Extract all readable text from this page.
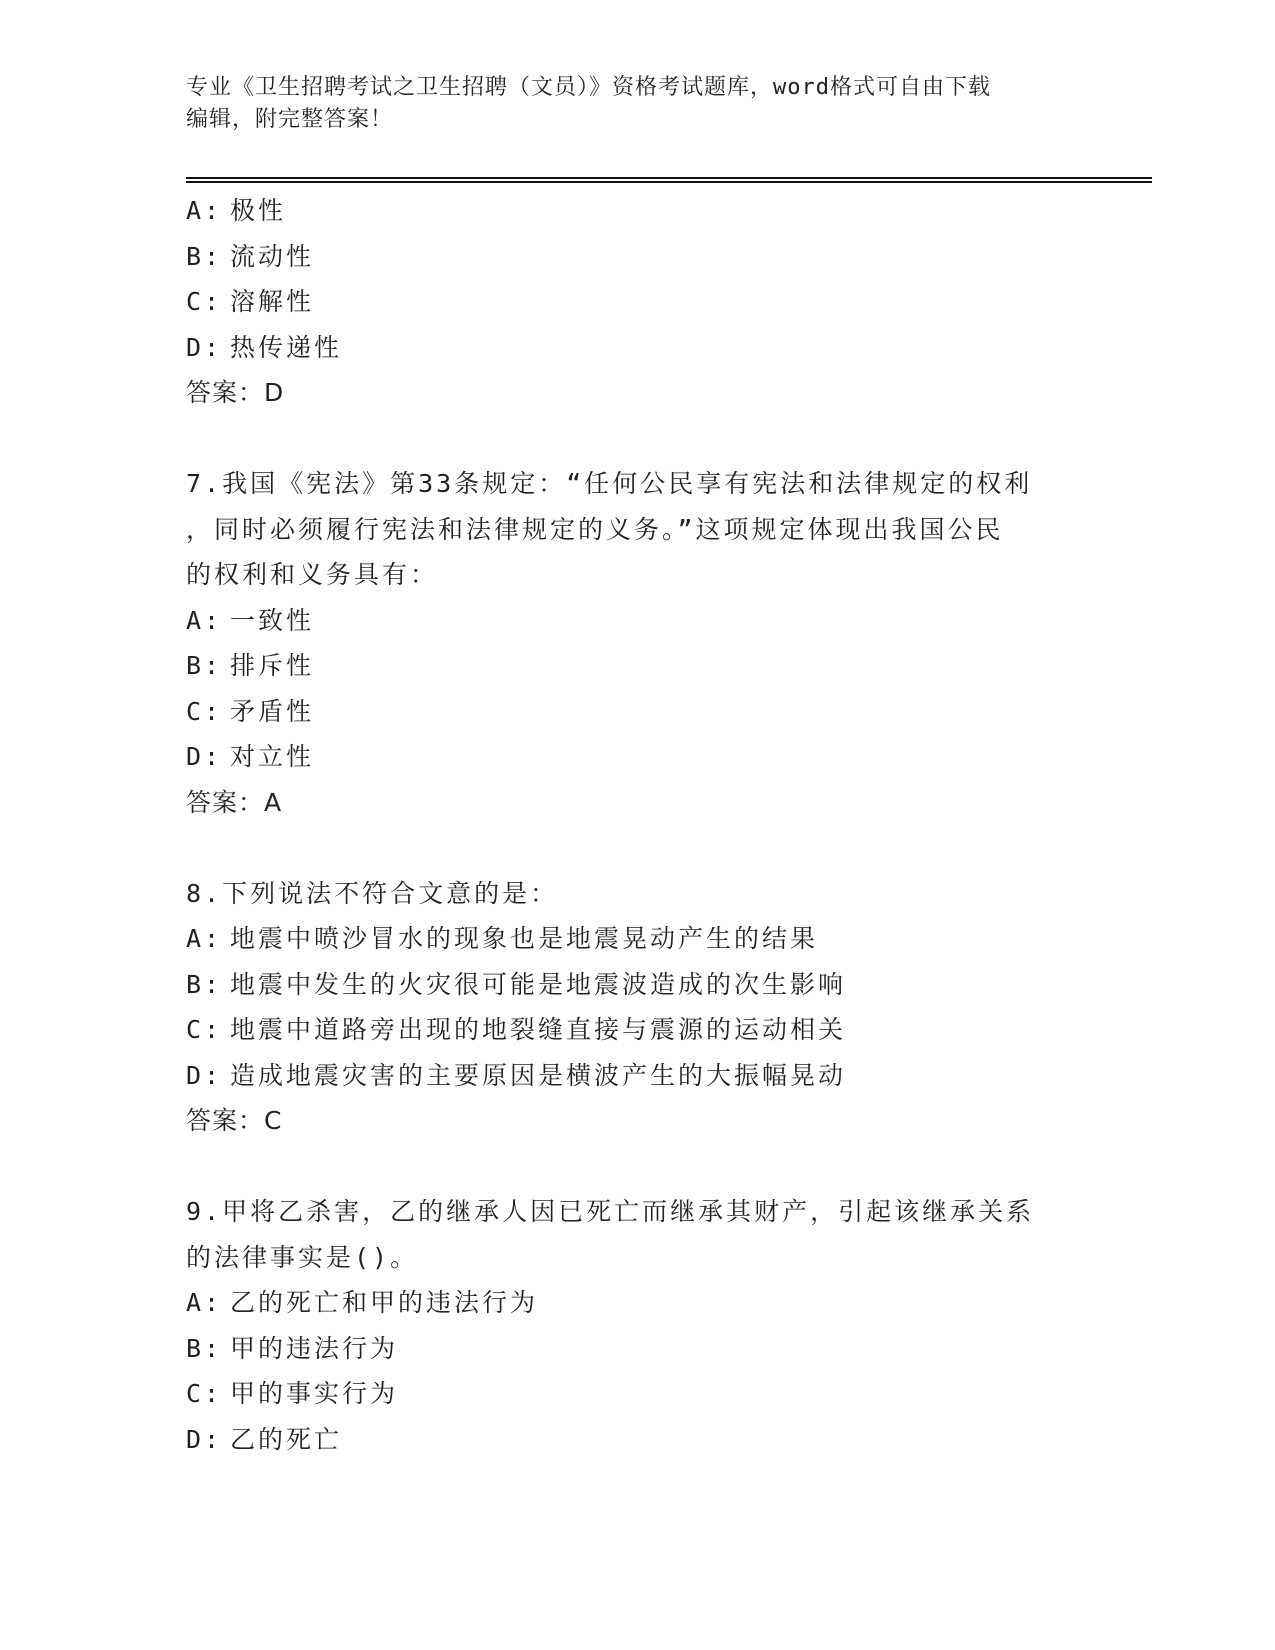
专业《卫生招聘考试之卫生招聘（文员）》资格考试题库，word格式可自由下载
编辑，附完整答案！
A: 极性
B: 流动性
C: 溶解性
D: 热传递性
答案：D
7.我国《宪法》第33条规定：“任何公民享有宪法和法律规定的权利
，同时必须履行宪法和法律规定的义务。”这项规定体现出我国公民
的权利和义务具有：
A: 一致性
B: 排斥性
C: 矛盾性
D: 对立性
答案：A
8.下列说法不符合文意的是：
A: 地震中喷沙冒水的现象也是地震晃动产生的结果
B: 地震中发生的火灾很可能是地震波造成的次生影响
C: 地震中道路旁出现的地裂缝直接与震源的运动相关
D: 造成地震灾害的主要原因是横波产生的大振幅晃动
答案：C
9.甲将乙杀害，乙的继承人因已死亡而继承其财产，引起该继承关系
的法律事实是()。
A: 乙的死亡和甲的违法行为
B: 甲的违法行为
C: 甲的事实行为
D: 乙的死亡
